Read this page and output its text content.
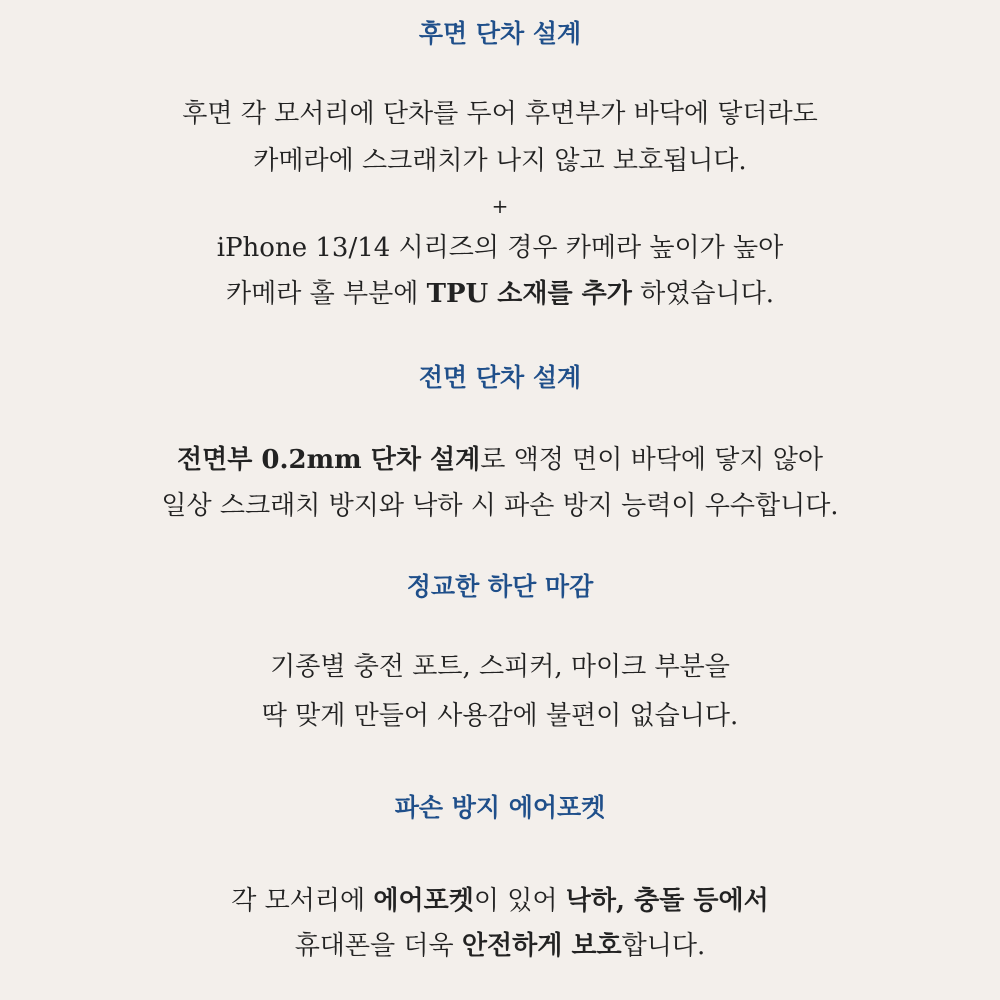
후면 단차 설계
후면 각 모서리에 단차를 두어 후면부가 바닥에 닿더라도
카메라에 스크래치가 나지 않고 보호됩니다.
+
iPhone 13/14 시리즈의 경우 카메라 높이가 높아
카메라 홀 부분에 TPU 소재를 추가 하였습니다.
전면 단차 설계
전면부 0.2mm 단차 설계로 액정 면이 바닥에 닿지 않아
일상 스크래치 방지와 낙하 시 파손 방지 능력이 우수합니다.
정교한 하단 마감
기종별 충전 포트, 스피커, 마이크 부분을
딱 맞게 만들어 사용감에 불편이 없습니다.
파손 방지 에어포켓
각 모서리에 에어포켓이 있어 낙하, 충돌 등에서
휴대폰을 더욱 안전하게 보호합니다.
